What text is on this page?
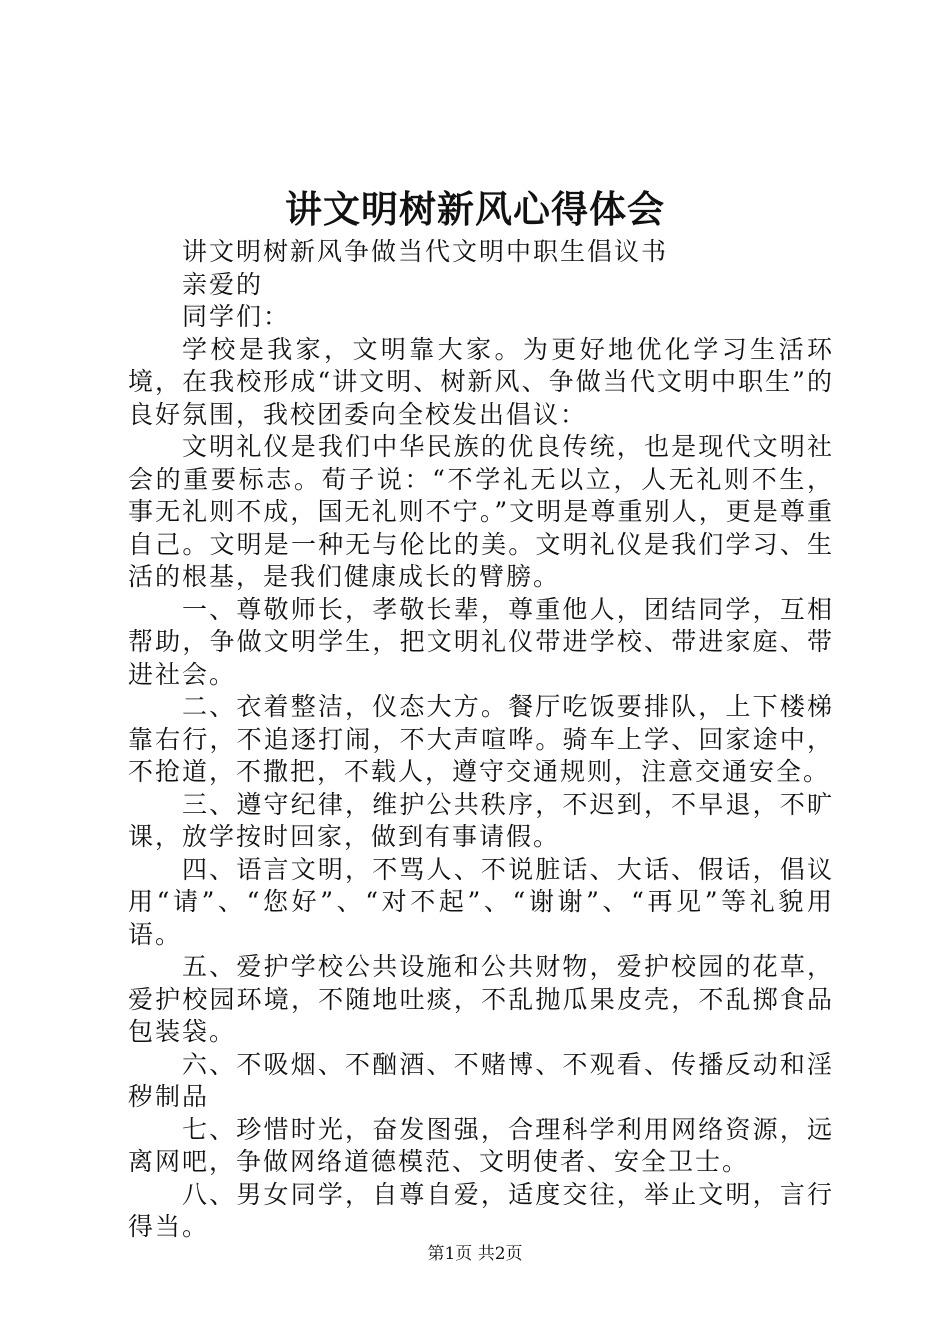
讲文明树新风心得体会

讲文明树新风争做当代文明中职生倡议书

亲爱的

同学们：

学校是我家，文明靠大家。为更好地优化学习生活环境，在我校形成“讲文明、树新风、争做当代文明中职生”的良好氛围，我校团委向全校发出倡议：

文明礼仪是我们中华民族的优良传统，也是现代文明社会的重要标志。荀子说：“不学礼无以立，人无礼则不生，事无礼则不成，国无礼则不宁。”文明是尊重别人，更是尊重自己。文明是一种无与伦比的美。文明礼仪是我们学习、生活的根基，是我们健康成长的臂膀。

一、尊敬师长，孝敬长辈，尊重他人，团结同学，互相帮助，争做文明学生，把文明礼仪带进学校、带进家庭、带进社会。

二、衣着整洁，仪态大方。餐厅吃饭要排队，上下楼梯靠右行，不追逐打闹，不大声喧哗。骑车上学、回家途中，不抢道，不撒把，不载人，遵守交通规则，注意交通安全。

三、遵守纪律，维护公共秩序，不迟到，不早退，不旷课，放学按时回家，做到有事请假。

四、语言文明，不骂人、不说脏话、大话、假话，倡议用“请”、“您好”、“对不起”、“谢谢”、“再见”等礼貌用语。

五、爱护学校公共设施和公共财物，爱护校园的花草，爱护校园环境，不随地吐痰，不乱抛瓜果皮壳，不乱掷食品包装袋。

六、不吸烟、不酗酒、不赌博、不观看、传播反动和淫秽制品

七、珍惜时光，奋发图强，合理科学利用网络资源，远离网吧，争做网络道德模范、文明使者、安全卫士。

八、男女同学，自尊自爱，适度交往，举止文明，言行得当。

第1页 共2页
